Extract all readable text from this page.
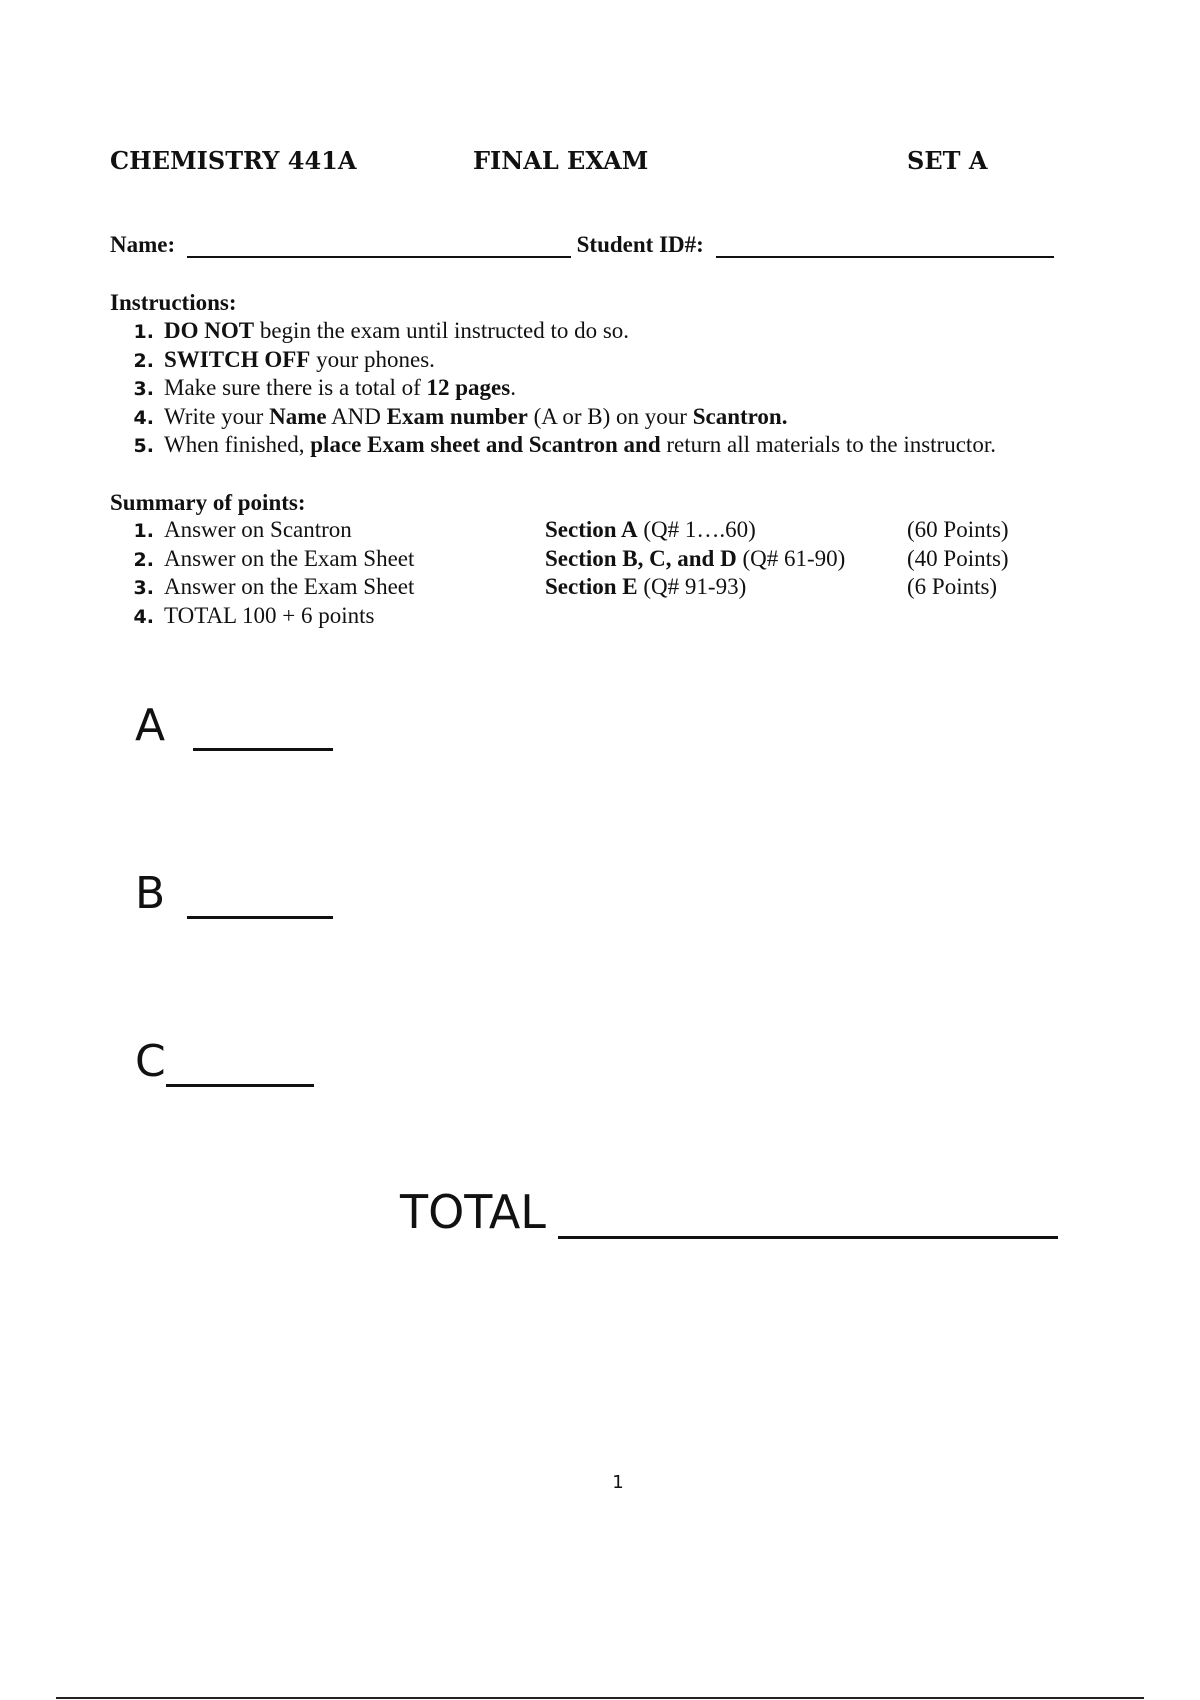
CHEMISTRY 441A	FINAL EXAM	SET A
Name:	Student ID#:
Instructions:
1. DO NOT begin the exam until instructed to do so.
2. SWITCH OFF your phones.
3. Make sure there is a total of 12 pages.
4. Write your Name AND Exam number (A or B) on your Scantron.
5. When finished, place Exam sheet and Scantron and return all materials to the instructor.
Summary of points:
1. Answer on Scantron	Section A (Q# 1….60)	(60 Points)
2. Answer on the Exam Sheet	Section B, C, and D (Q# 61-90)	(40 Points)
3. Answer on the Exam Sheet	Section E (Q# 91-93)	(6 Points)
4. TOTAL 100 + 6 points
A
B
C
TOTAL
1
